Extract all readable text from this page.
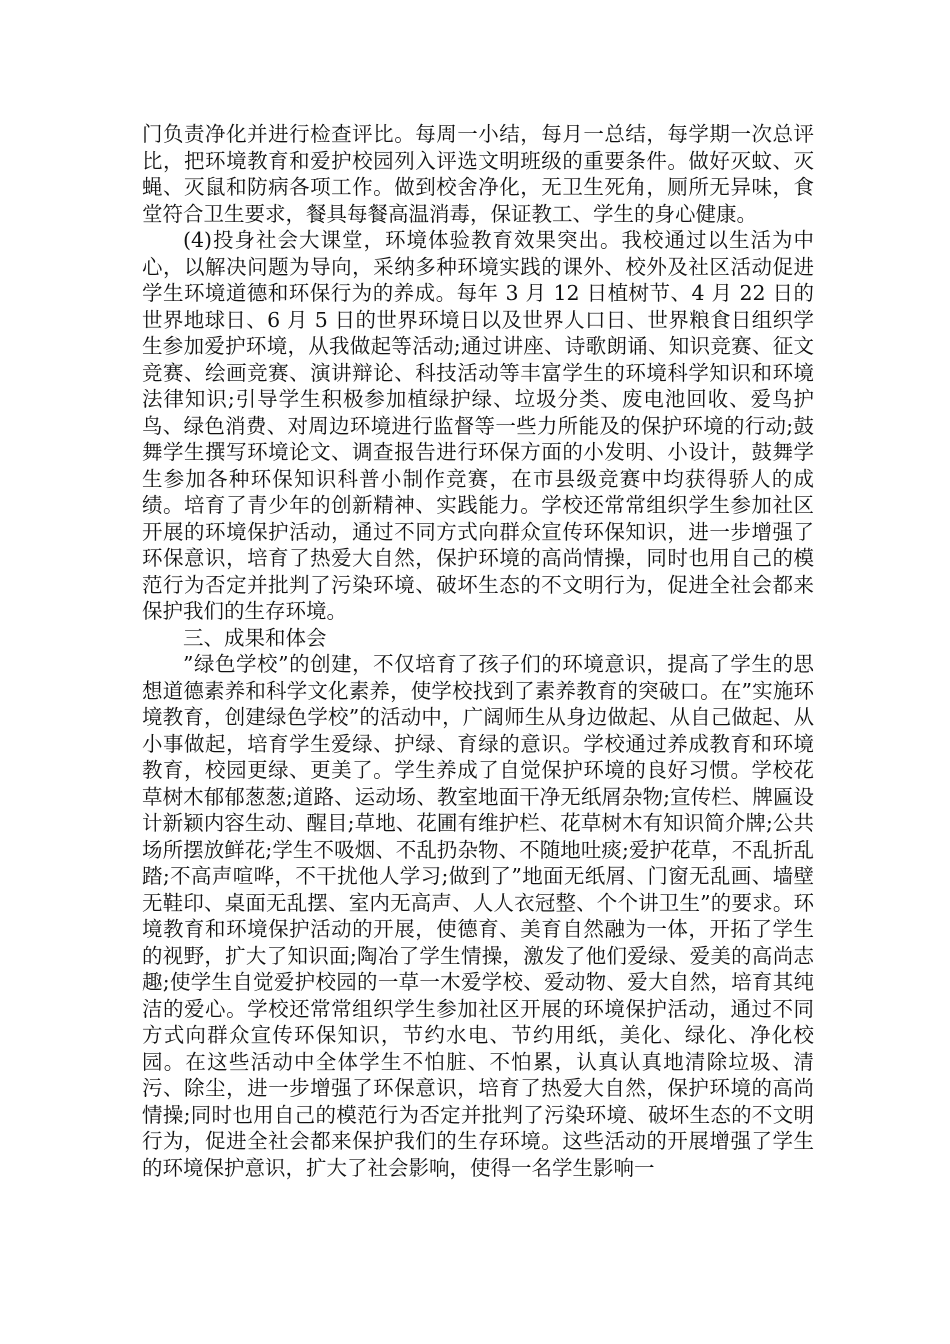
门负责净化并进行检查评比。每周一小结，每月一总结，每学期一次总评比，把环境教育和爱护校园列入评选文明班级的重要条件。做好灭蚊、灭蝇、灭鼠和防病各项工作。做到校舍净化，无卫生死角，厕所无异味，食堂符合卫生要求，餐具每餐高温消毒，保证教工、学生的身心健康。

(4)投身社会大课堂，环境体验教育效果突出。我校通过以生活为中心，以解决问题为导向，采纳多种环境实践的课外、校外及社区活动促进学生环境道德和环保行为的养成。每年 3 月 12 日植树节、4 月 22 日的世界地球日、6 月 5 日的世界环境日以及世界人口日、世界粮食日组织学生参加爱护环境，从我做起等活动;通过讲座、诗歌朗诵、知识竞赛、征文竞赛、绘画竞赛、演讲辩论、科技活动等丰富学生的环境科学知识和环境法律知识;引导学生积极参加植绿护绿、垃圾分类、废电池回收、爱鸟护鸟、绿色消费、对周边环境进行监督等一些力所能及的保护环境的行动;鼓舞学生撰写环境论文、调查报告进行环保方面的小发明、小设计，鼓舞学生参加各种环保知识科普小制作竞赛，在市县级竞赛中均获得骄人的成绩。培育了青少年的创新精神、实践能力。学校还常常组织学生参加社区开展的环境保护活动，通过不同方式向群众宣传环保知识，进一步增强了环保意识，培育了热爱大自然，保护环境的高尚情操，同时也用自己的模范行为否定并批判了污染环境、破坏生态的不文明行为，促进全社会都来保护我们的生存环境。

三、成果和体会

”绿色学校”的创建，不仅培育了孩子们的环境意识，提高了学生的思想道德素养和科学文化素养，使学校找到了素养教育的突破口。在”实施环境教育，创建绿色学校”的活动中，广阔师生从身边做起、从自己做起、从小事做起，培育学生爱绿、护绿、育绿的意识。学校通过养成教育和环境教育，校园更绿、更美了。学生养成了自觉保护环境的良好习惯。学校花草树木郁郁葱葱;道路、运动场、教室地面干净无纸屑杂物;宣传栏、牌匾设计新颖内容生动、醒目;草地、花圃有维护栏、花草树木有知识简介牌;公共场所摆放鲜花;学生不吸烟、不乱扔杂物、不随地吐痰;爱护花草，不乱折乱踏;不高声喧哗，不干扰他人学习;做到了”地面无纸屑、门窗无乱画、墙壁无鞋印、桌面无乱摆、室内无高声、人人衣冠整、个个讲卫生”的要求。环境教育和环境保护活动的开展，使德育、美育自然融为一体，开拓了学生的视野，扩大了知识面;陶冶了学生情操，激发了他们爱绿、爱美的高尚志趣;使学生自觉爱护校园的一草一木爱学校、爱动物、爱大自然，培育其纯洁的爱心。学校还常常组织学生参加社区开展的环境保护活动，通过不同方式向群众宣传环保知识，节约水电、节约用纸，美化、绿化、净化校园。在这些活动中全体学生不怕脏、不怕累，认真认真地清除垃圾、清污、除尘，进一步增强了环保意识，培育了热爱大自然，保护环境的高尚情操;同时也用自己的模范行为否定并批判了污染环境、破坏生态的不文明行为，促进全社会都来保护我们的生存环境。这些活动的开展增强了学生的环境保护意识，扩大了社会影响，使得一名学生影响一
